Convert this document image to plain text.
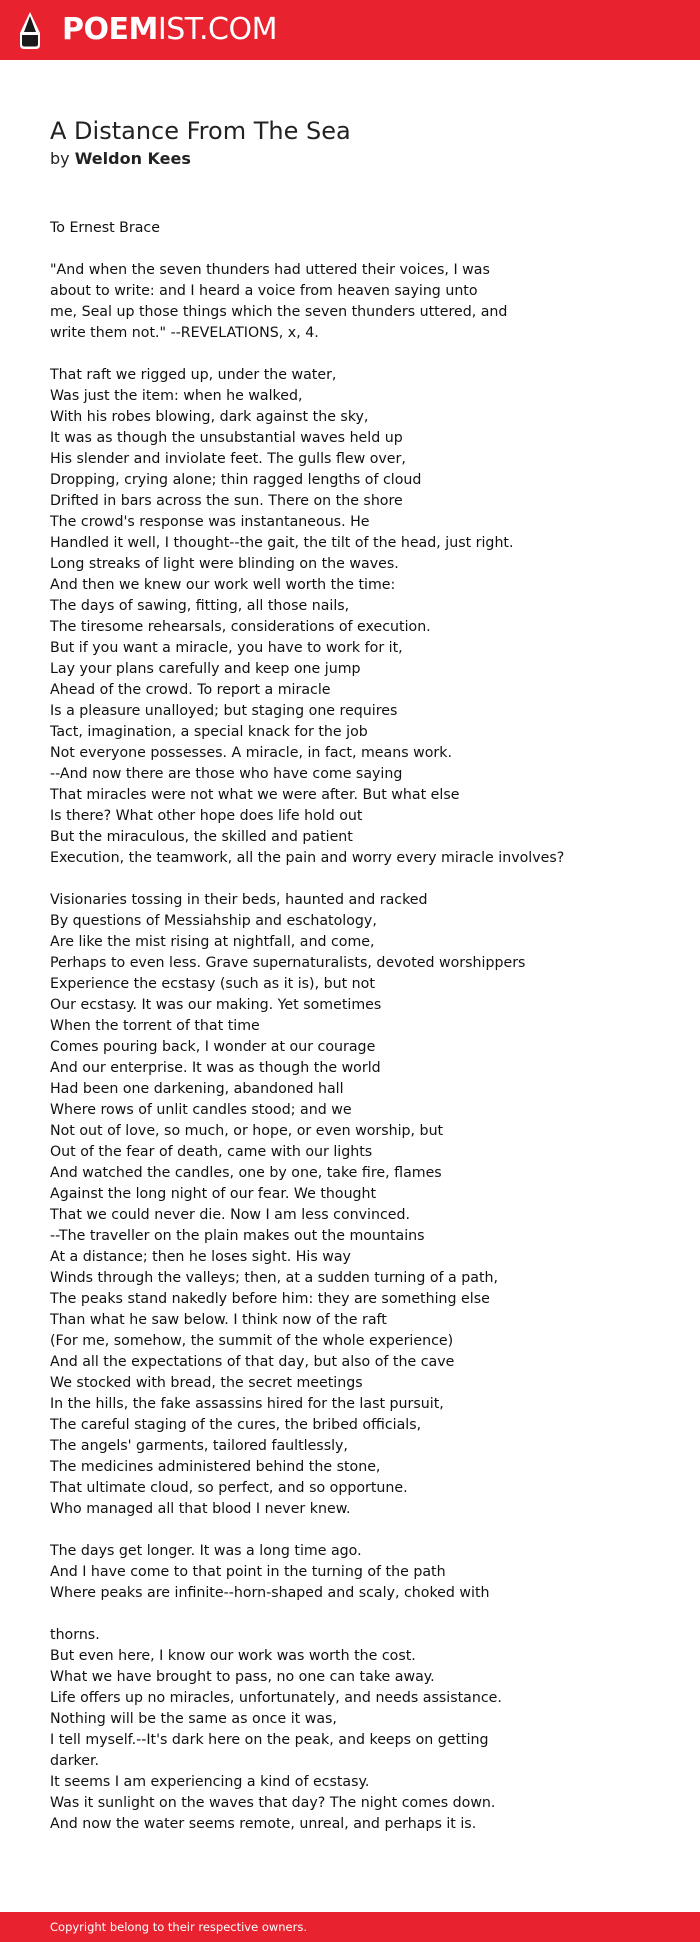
POEMIST.COM
A Distance From The Sea
by Weldon Kees
To Ernest Brace
"And when the seven thunders had uttered their voices, I was
about to write: and I heard a voice from heaven saying unto
me, Seal up those things which the seven thunders uttered, and
write them not." --REVELATIONS, x, 4.
That raft we rigged up, under the water,
Was just the item: when he walked,
With his robes blowing, dark against the sky,
It was as though the unsubstantial waves held up
His slender and inviolate feet. The gulls flew over,
Dropping, crying alone; thin ragged lengths of cloud
Drifted in bars across the sun. There on the shore
The crowd's response was instantaneous. He
Handled it well, I thought--the gait, the tilt of the head, just right.
Long streaks of light were blinding on the waves.
And then we knew our work well worth the time:
The days of sawing, fitting, all those nails,
The tiresome rehearsals, considerations of execution.
But if you want a miracle, you have to work for it,
Lay your plans carefully and keep one jump
Ahead of the crowd. To report a miracle
Is a pleasure unalloyed; but staging one requires
Tact, imagination, a special knack for the job
Not everyone possesses. A miracle, in fact, means work.
--And now there are those who have come saying
That miracles were not what we were after. But what else
Is there? What other hope does life hold out
But the miraculous, the skilled and patient
Execution, the teamwork, all the pain and worry every miracle involves?
Visionaries tossing in their beds, haunted and racked
By questions of Messiahship and eschatology,
Are like the mist rising at nightfall, and come,
Perhaps to even less. Grave supernaturalists, devoted worshippers
Experience the ecstasy (such as it is), but not
Our ecstasy. It was our making. Yet sometimes
When the torrent of that time
Comes pouring back, I wonder at our courage
And our enterprise. It was as though the world
Had been one darkening, abandoned hall
Where rows of unlit candles stood; and we
Not out of love, so much, or hope, or even worship, but
Out of the fear of death, came with our lights
And watched the candles, one by one, take fire, flames
Against the long night of our fear. We thought
That we could never die. Now I am less convinced.
--The traveller on the plain makes out the mountains
At a distance; then he loses sight. His way
Winds through the valleys; then, at a sudden turning of a path,
The peaks stand nakedly before him: they are something else
Than what he saw below. I think now of the raft
(For me, somehow, the summit of the whole experience)
And all the expectations of that day, but also of the cave
We stocked with bread, the secret meetings
In the hills, the fake assassins hired for the last pursuit,
The careful staging of the cures, the bribed officials,
The angels' garments, tailored faultlessly,
The medicines administered behind the stone,
That ultimate cloud, so perfect, and so opportune.
Who managed all that blood I never knew.
The days get longer. It was a long time ago.
And I have come to that point in the turning of the path
Where peaks are infinite--horn-shaped and scaly, choked with
thorns.
But even here, I know our work was worth the cost.
What we have brought to pass, no one can take away.
Life offers up no miracles, unfortunately, and needs assistance.
Nothing will be the same as once it was,
I tell myself.--It's dark here on the peak, and keeps on getting
darker.
It seems I am experiencing a kind of ecstasy.
Was it sunlight on the waves that day? The night comes down.
And now the water seems remote, unreal, and perhaps it is.
Copyright belong to their respective owners.
